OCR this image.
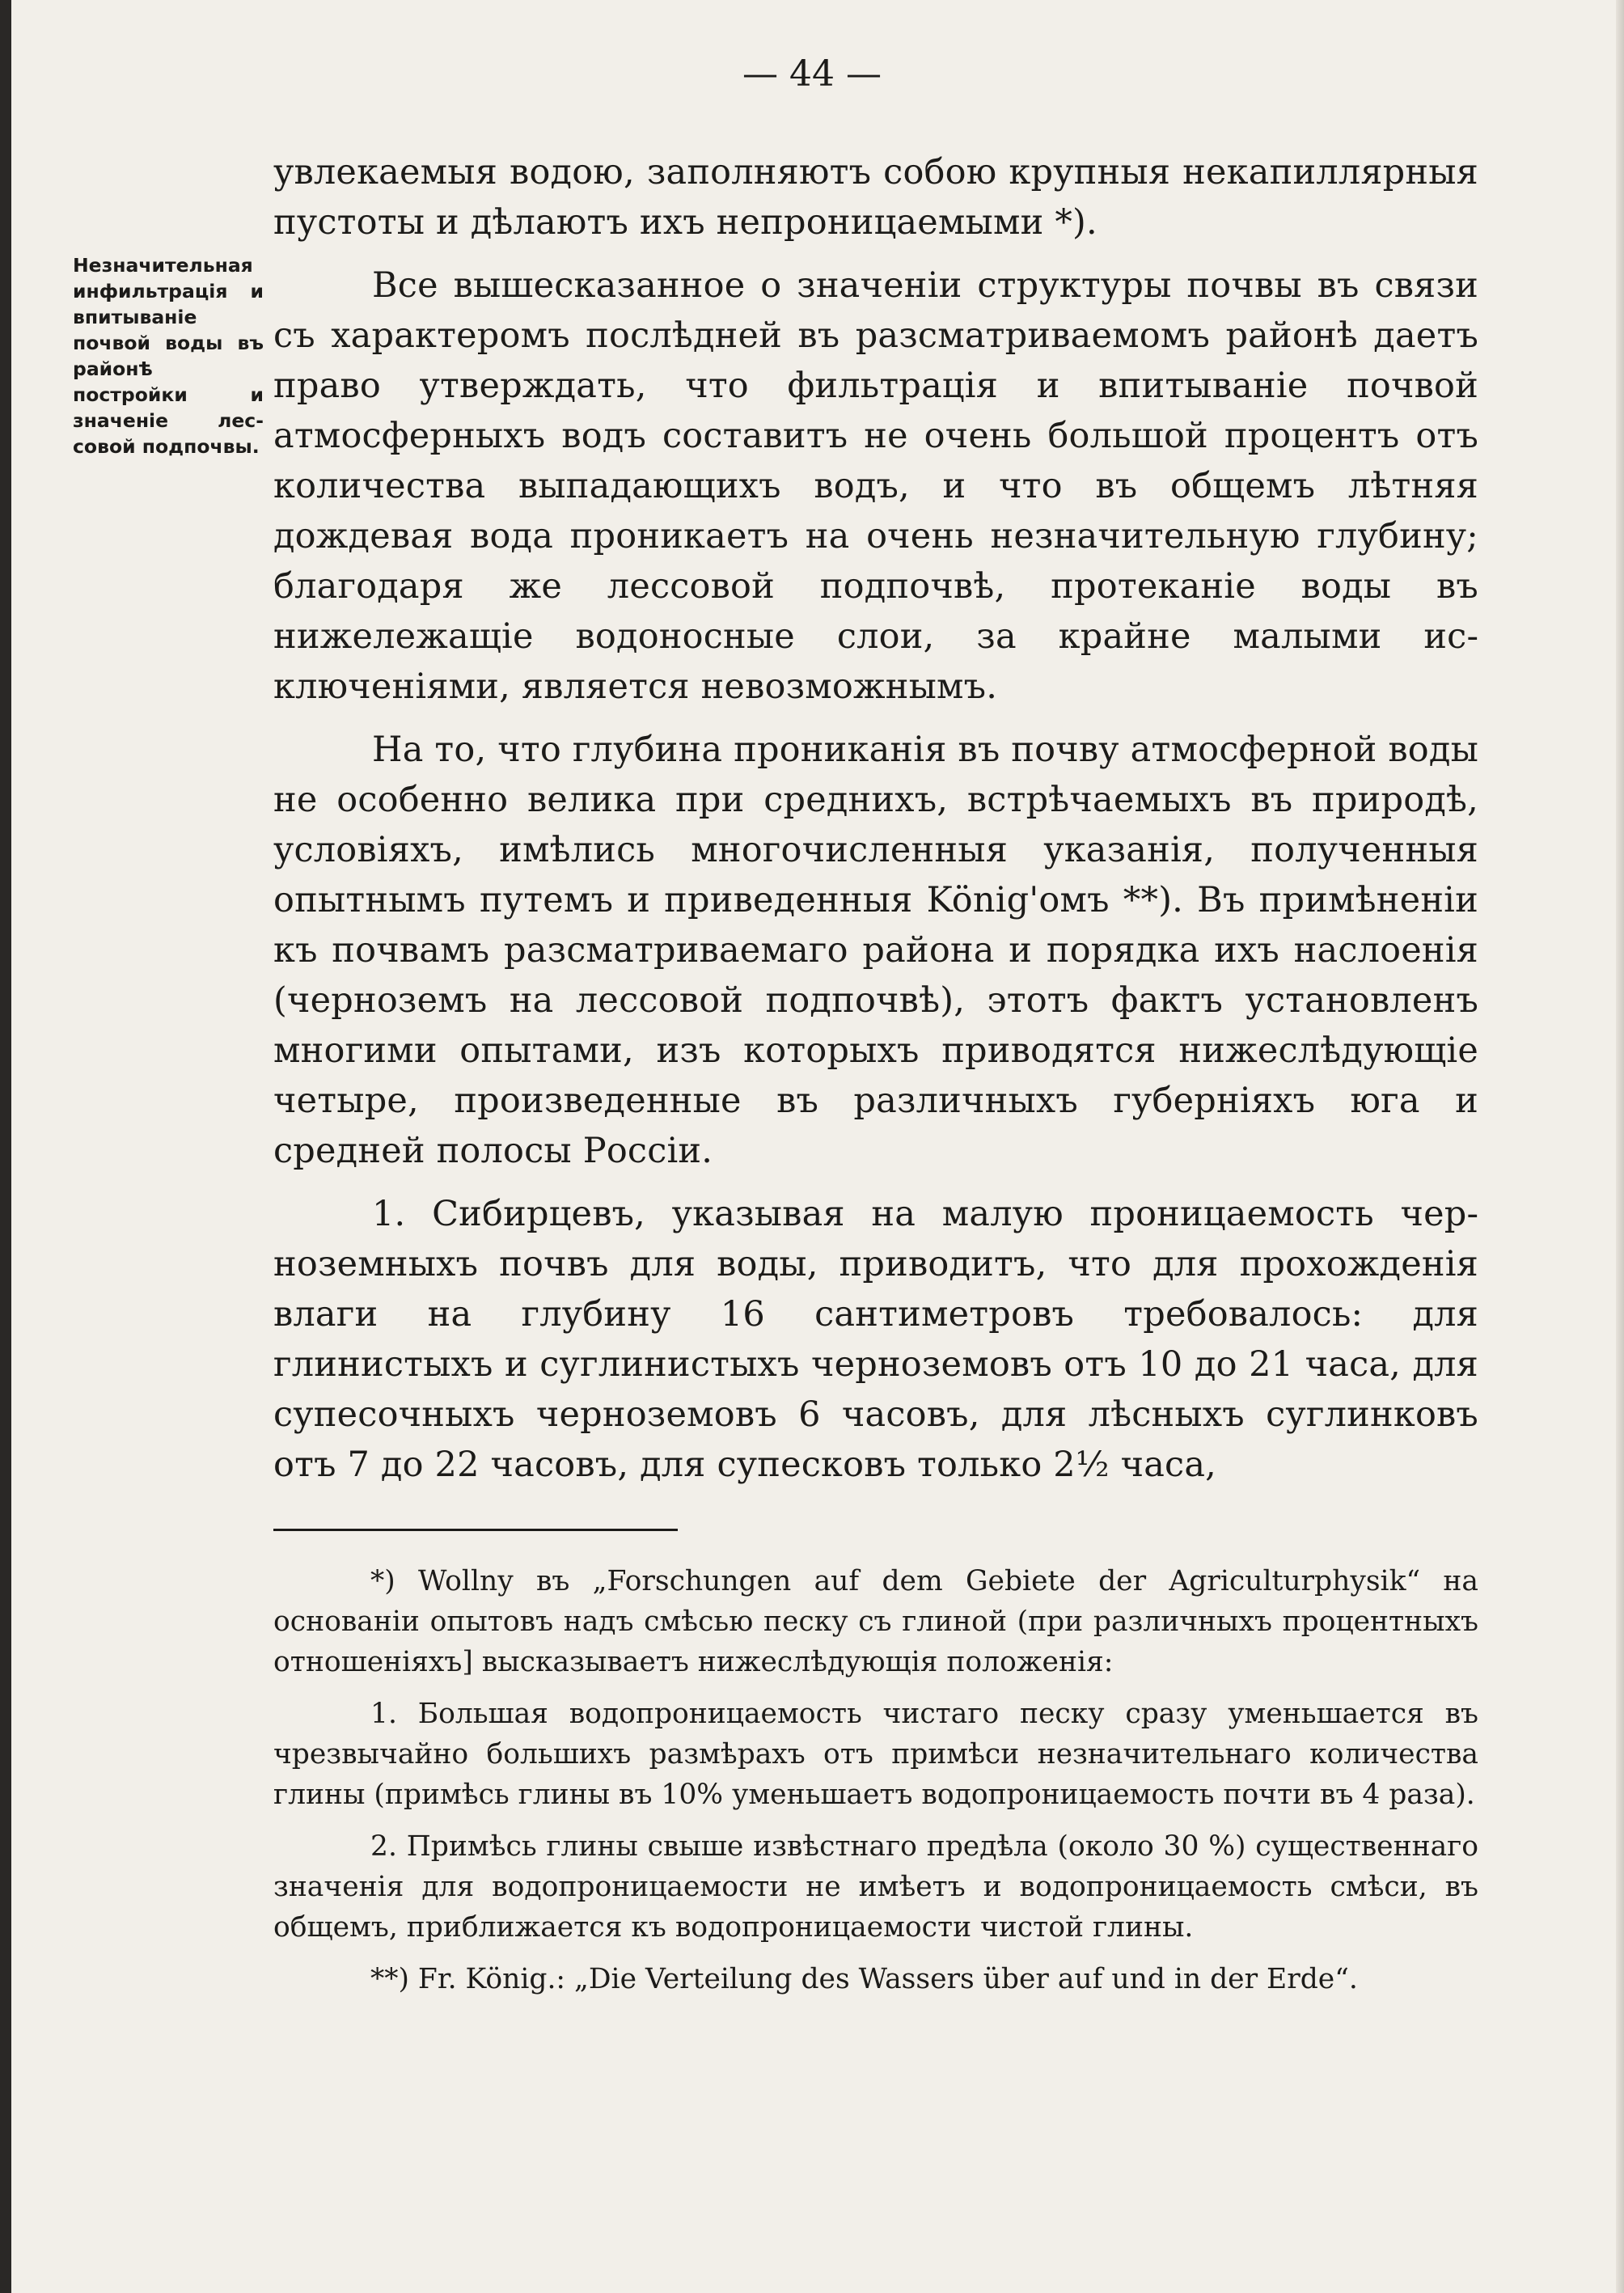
— 44 —
Незначительная инфильтрація и впитываніе почвой воды въ районѣ постройки и значеніе лессовой подпочвы.

увлекаемыя водою, заполняютъ собою крупныя некапиллярныя пустоты и дѣлаютъ ихъ непроницаемыми *).

Все вышесказанное о значеніи структуры почвы въ связи съ характеромъ послѣдней въ разсматриваемомъ районѣ даетъ право утверждать, что фильтрація и впитываніе почвой атмосферныхъ водъ составитъ не очень большой процентъ отъ количества выпадающихъ водъ, и что въ общемъ лѣтняя дождевая вода проникаетъ на очень незначительную глубину; благодаря же лессовой подпочвѣ, протеканіе воды въ нижележащіе водоносные слои, за крайне малыми исключеніями, является невозможнымъ.

На то, что глубина прониканія въ почву атмосферной воды не особенно велика при среднихъ, встрѣчаемыхъ въ природѣ, условіяхъ, имѣлись многочисленныя указанія, полученныя опытнымъ путемъ и приведенныя König'омъ **). Въ примѣненіи къ почвамъ разсматриваемаго района и порядка ихъ наслоенія (черноземъ на лессовой подпочвѣ), этотъ фактъ установленъ многими опытами, изъ которыхъ приводятся нижеслѣдующіе четыре, произведенные въ различныхъ губерніяхъ юга и средней полосы Россіи.

1. Сибирцевъ, указывая на малую проницаемость черноземныхъ почвъ для воды, приводитъ, что для прохожденія влаги на глубину 16 сантиметровъ требовалось: для глинистыхъ и суглинистыхъ черноземовъ отъ 10 до 21 часа, для супесочныхъ черноземовъ 6 часовъ, для лѣсныхъ суглинковъ отъ 7 до 22 часовъ, для супесковъ только 2½ часа,

*) Wollny въ „Forschungen auf dem Gebiete der Agriculturphysik“ на основаніи опытовъ надъ смѣсью песку съ глиной (при различныхъ процентныхъ отношеніяхъ] высказываетъ нижеслѣдующія положенія:

1. Большая водопроницаемость чистаго песку сразу уменьшается въ чрезвычайно большихъ размѣрахъ отъ примѣси незначительнаго количества глины (примѣсь глины въ 10% уменьшаетъ водопроницаемость почти въ 4 раза).

2. Примѣсь глины свыше извѣстнаго предѣла (около 30 %) существеннаго значенія для водопроницаемости не имѣетъ и водопроницаемость смѣси, въ общемъ, приближается къ водопроницаемости чистой глины.

**) Fr. König.: „Die Verteilung des Wassers über auf und in der Erde“.
